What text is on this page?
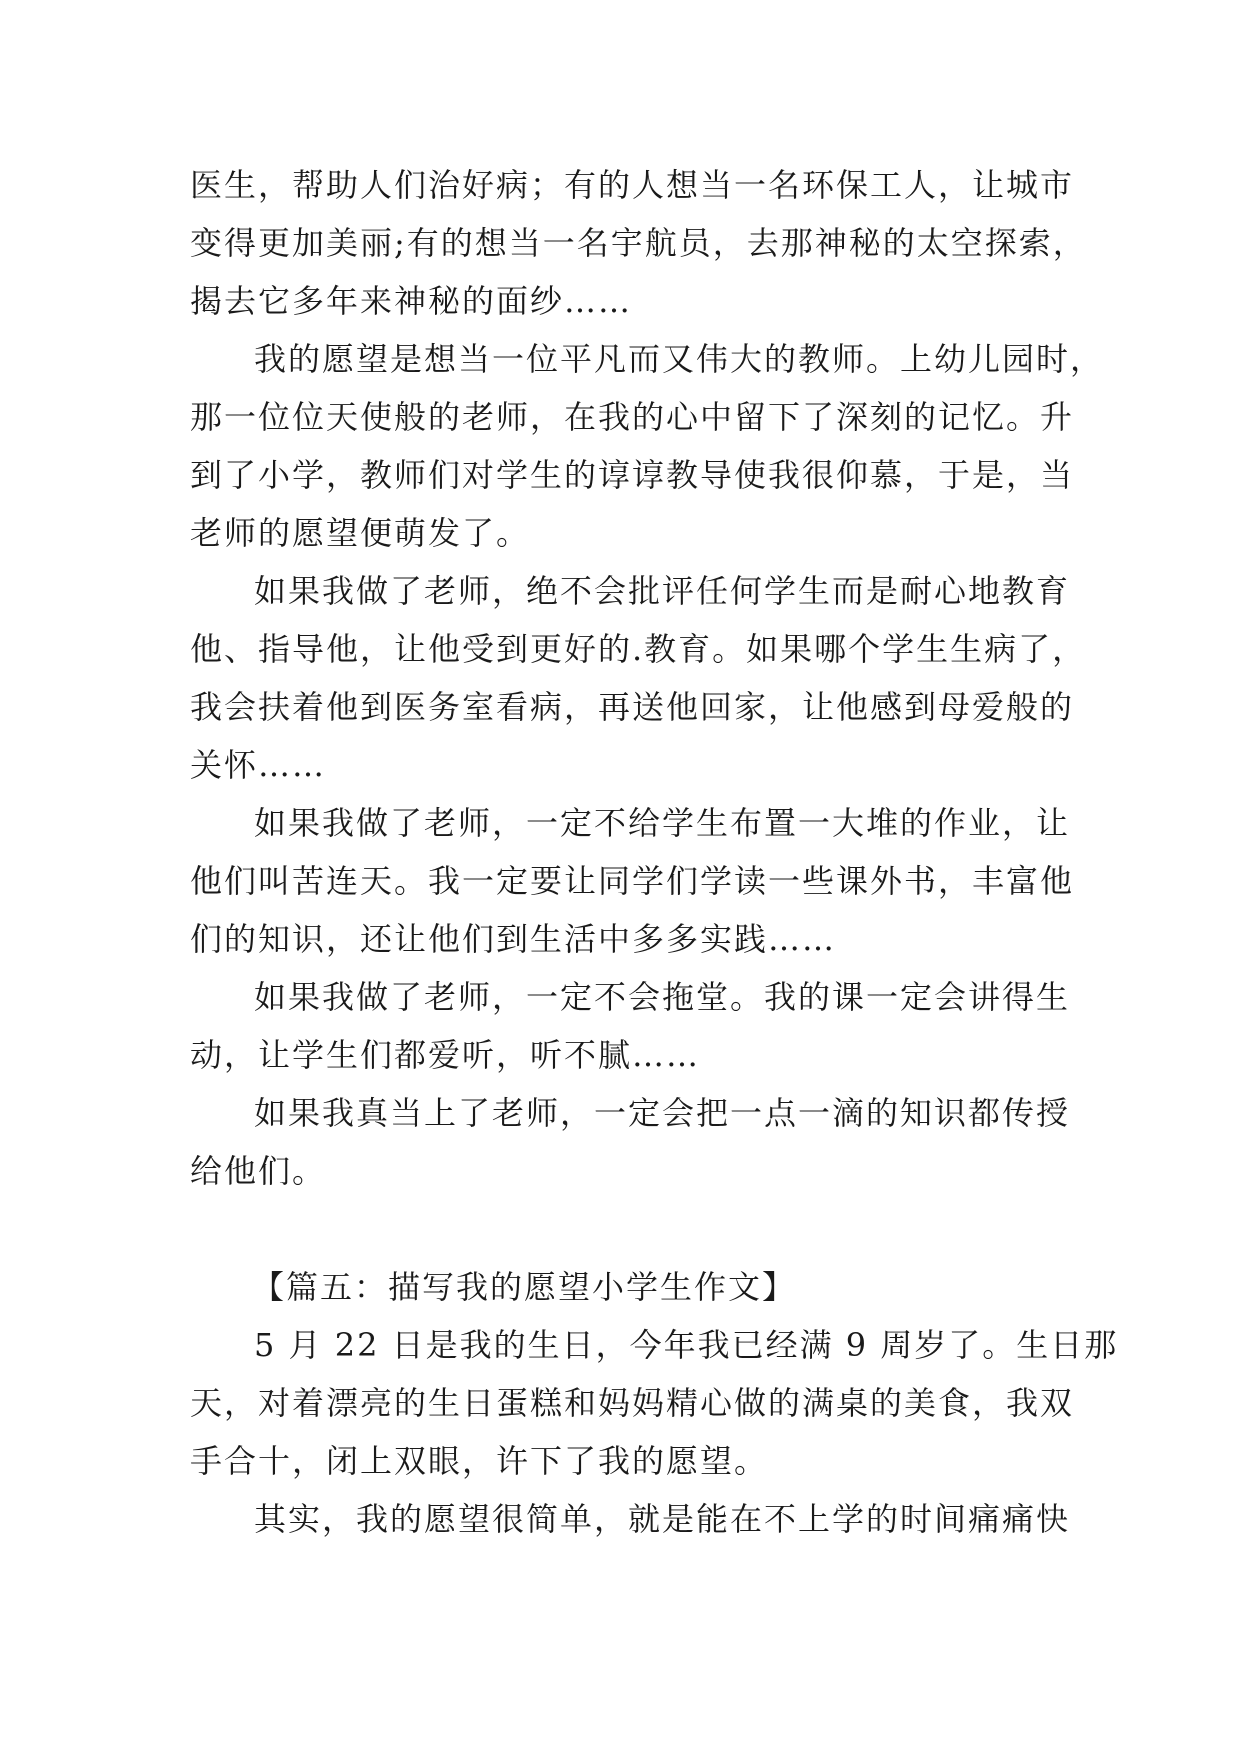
医生，帮助人们治好病；有的人想当一名环保工人，让城市
变得更加美丽;有的想当一名宇航员，去那神秘的太空探索，
揭去它多年来神秘的面纱……
我的愿望是想当一位平凡而又伟大的教师。上幼儿园时，
那一位位天使般的老师，在我的心中留下了深刻的记忆。升
到了小学，教师们对学生的谆谆教导使我很仰慕，于是，当
老师的愿望便萌发了。
如果我做了老师，绝不会批评任何学生而是耐心地教育
他、指导他，让他受到更好的.教育。如果哪个学生生病了，
我会扶着他到医务室看病，再送他回家，让他感到母爱般的
关怀……
如果我做了老师，一定不给学生布置一大堆的作业，让
他们叫苦连天。我一定要让同学们学读一些课外书，丰富他
们的知识，还让他们到生活中多多实践……
如果我做了老师，一定不会拖堂。我的课一定会讲得生
动，让学生们都爱听，听不腻……
如果我真当上了老师，一定会把一点一滴的知识都传授
给他们。
【篇五：描写我的愿望小学生作文】
5 月 22 日是我的生日，今年我已经满 9 周岁了。生日那
天，对着漂亮的生日蛋糕和妈妈精心做的满桌的美食，我双
手合十，闭上双眼，许下了我的愿望。
其实，我的愿望很简单，就是能在不上学的时间痛痛快
